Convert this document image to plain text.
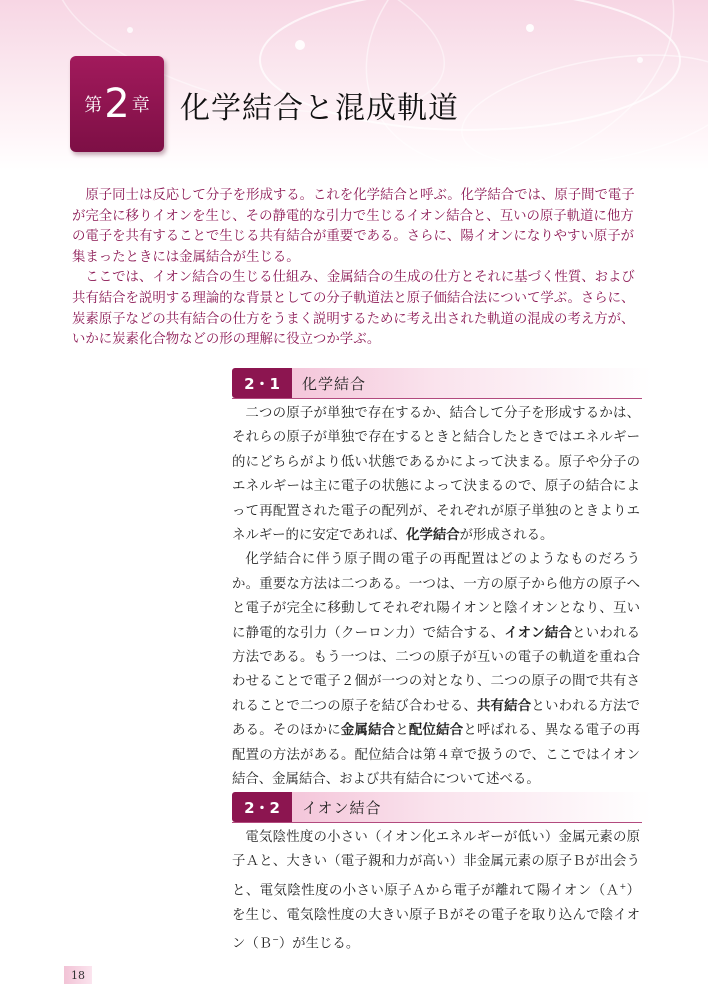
第 2 章 化学結合と混成軌道

原子同士は反応して分子を形成する。これを化学結合と呼ぶ。化学結合では、原子間で電子が完全に移りイオンを生じ、その静電的な引力で生じるイオン結合と、互いの原子軌道に他方の電子を共有することで生じる共有結合が重要である。さらに、陽イオンになりやすい原子が集まったときには金属結合が生じる。

ここでは、イオン結合の生じる仕組み、金属結合の生成の仕方とそれに基づく性質、および共有結合を説明する理論的な背景としての分子軌道法と原子価結合法について学ぶ。さらに、炭素原子などの共有結合の仕方をうまく説明するために考え出された軌道の混成の考え方が、いかに炭素化合物などの形の理解に役立つか学ぶ。

2・1	化学結合

二つの原子が単独で存在するか、結合して分子を形成するかは、それらの原子が単独で存在するときと結合したときではエネルギー的にどちらがより低い状態であるかによって決まる。原子や分子のエネルギーは主に電子の状態によって決まるので、原子の結合によって再配置された電子の配列が、それぞれが原子単独のときよりエネルギー的に安定であれば、化学結合が形成される。

化学結合に伴う原子間の電子の再配置はどのようなものだろうか。重要な方法は二つある。一つは、一方の原子から他方の原子へと電子が完全に移動してそれぞれ陽イオンと陰イオンとなり、互いに静電的な引力（クーロン力）で結合する、イオン結合といわれる方法である。もう一つは、二つの原子が互いの電子の軌道を重ね合わせることで電子２個が一つの対となり、二つの原子の間で共有されることで二つの原子を結び合わせる、共有結合といわれる方法である。そのほかに金属結合と配位結合と呼ばれる、異なる電子の再配置の方法がある。配位結合は第４章で扱うので、ここではイオン結合、金属結合、および共有結合について述べる。

2・2	イオン結合

電気陰性度の小さい（イオン化エネルギーが低い）金属元素の原子Ａと、大きい（電子親和力が高い）非金属元素の原子Ｂが出会うと、電気陰性度の小さい原子Ａから電子が離れて陽イオン（Ａ+）を生じ、電気陰性度の大きい原子Ｂがその電子を取り込んで陰イオン（Ｂ−）が生じる。

18
